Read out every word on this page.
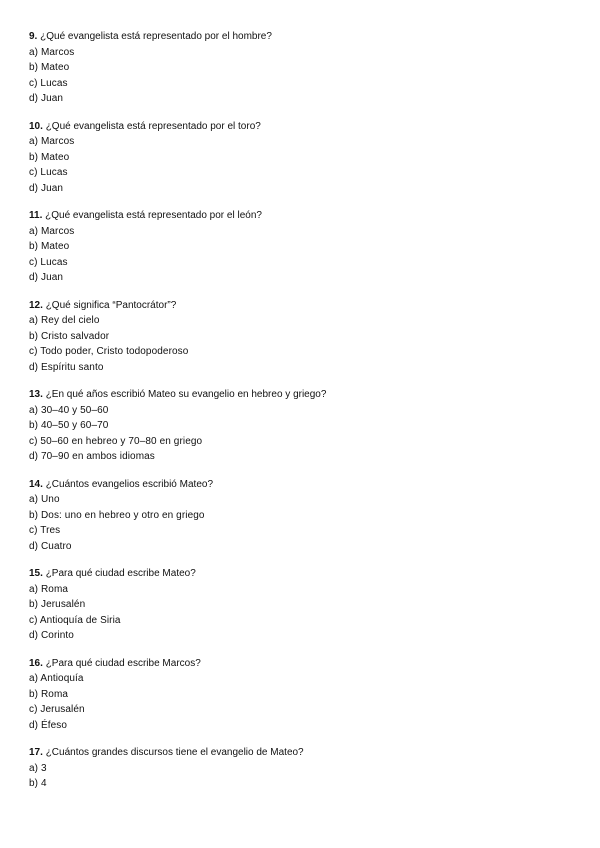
9. ¿Qué evangelista está representado por el hombre?
a) Marcos
b) Mateo
c) Lucas
d) Juan
10. ¿Qué evangelista está representado por el toro?
a) Marcos
b) Mateo
c) Lucas
d) Juan
11. ¿Qué evangelista está representado por el león?
a) Marcos
b) Mateo
c) Lucas
d) Juan
12. ¿Qué significa “Pantocrátor”?
a) Rey del cielo
b) Cristo salvador
c) Todo poder, Cristo todopoderoso
d) Espíritu santo
13. ¿En qué años escribió Mateo su evangelio en hebreo y griego?
a) 30–40 y 50–60
b) 40–50 y 60–70
c) 50–60 en hebreo y 70–80 en griego
d) 70–90 en ambos idiomas
14. ¿Cuántos evangelios escribió Mateo?
a) Uno
b) Dos: uno en hebreo y otro en griego
c) Tres
d) Cuatro
15. ¿Para qué ciudad escribe Mateo?
a) Roma
b) Jerusalén
c) Antioquía de Siria
d) Corinto
16. ¿Para qué ciudad escribe Marcos?
a) Antioquía
b) Roma
c) Jerusalén
d) Éfeso
17. ¿Cuántos grandes discursos tiene el evangelio de Mateo?
a) 3
b) 4
